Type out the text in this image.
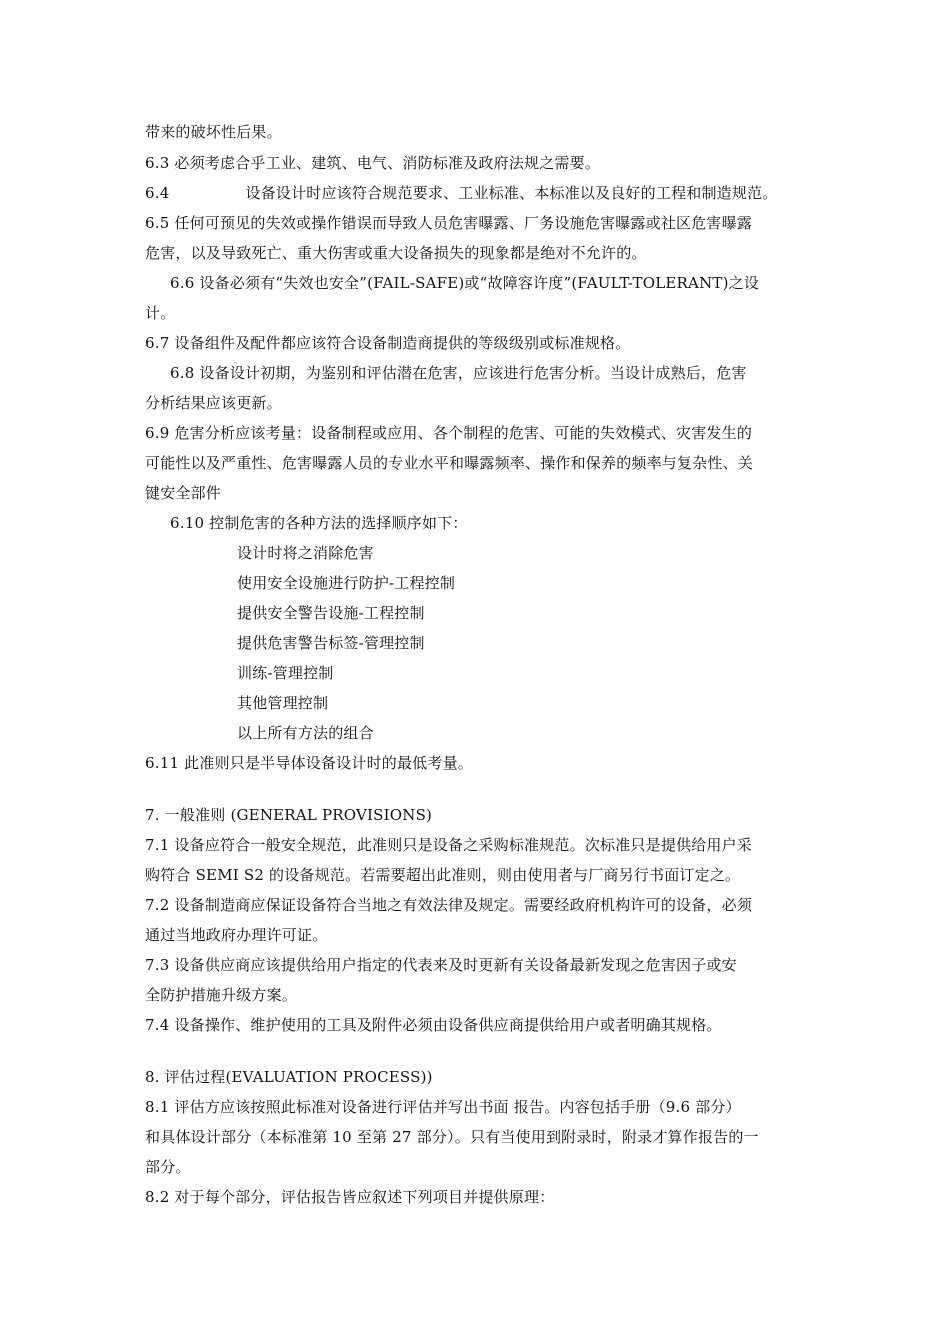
带来的破坏性后果。
6.3 必须考虑合乎工业、建筑、电气、消防标准及政府法规之需要。
6.4	设备设计时应该符合规范要求、工业标准、本标准以及良好的工程和制造规范。
6.5 任何可预见的失效或操作错误而导致人员危害曝露、厂务设施危害曝露或社区危害曝露
危害，以及导致死亡、重大伤害或重大设备损失的现象都是绝对不允许的。
6.6 设备必须有“失效也安全”(FAIL-SAFE)或“故障容许度”(FAULT-TOLERANT)之设
计。
6.7 设备组件及配件都应该符合设备制造商提供的等级级别或标准规格。
6.8 设备设计初期，为鉴别和评估潜在危害，应该进行危害分析。当设计成熟后，危害
分析结果应该更新。
6.9 危害分析应该考量：设备制程或应用、各个制程的危害、可能的失效模式、灾害发生的
可能性以及严重性、危害曝露人员的专业水平和曝露频率、操作和保养的频率与复杂性、关
键安全部件
6.10 控制危害的各种方法的选择顺序如下：
设计时将之消除危害
使用安全设施进行防护-工程控制
提供安全警告设施-工程控制
提供危害警告标签-管理控制
训练-管理控制
其他管理控制
以上所有方法的组合
6.11 此准则只是半导体设备设计时的最低考量。
7. 一般准则 (GENERAL PROVISIONS)
7.1 设备应符合一般安全规范，此准则只是设备之采购标准规范。次标准只是提供给用户采
购符合 SEMI S2 的设备规范。若需要超出此准则，则由使用者与厂商另行书面订定之。
7.2 设备制造商应保证设备符合当地之有效法律及规定。需要经政府机构许可的设备，必须
通过当地政府办理许可证。
7.3 设备供应商应该提供给用户指定的代表来及时更新有关设备最新发现之危害因子或安
全防护措施升级方案。
7.4 设备操作、维护使用的工具及附件必须由设备供应商提供给用户或者明确其规格。
8. 评估过程(EVALUATION PROCESS))
8.1 评估方应该按照此标准对设备进行评估并写出书面 报告。内容包括手册（9.6 部分）
和具体设计部分（本标准第 10 至第 27 部分）。只有当使用到附录时，附录才算作报告的一
部分。
8.2 对于每个部分，评估报告皆应叙述下列项目并提供原理：
